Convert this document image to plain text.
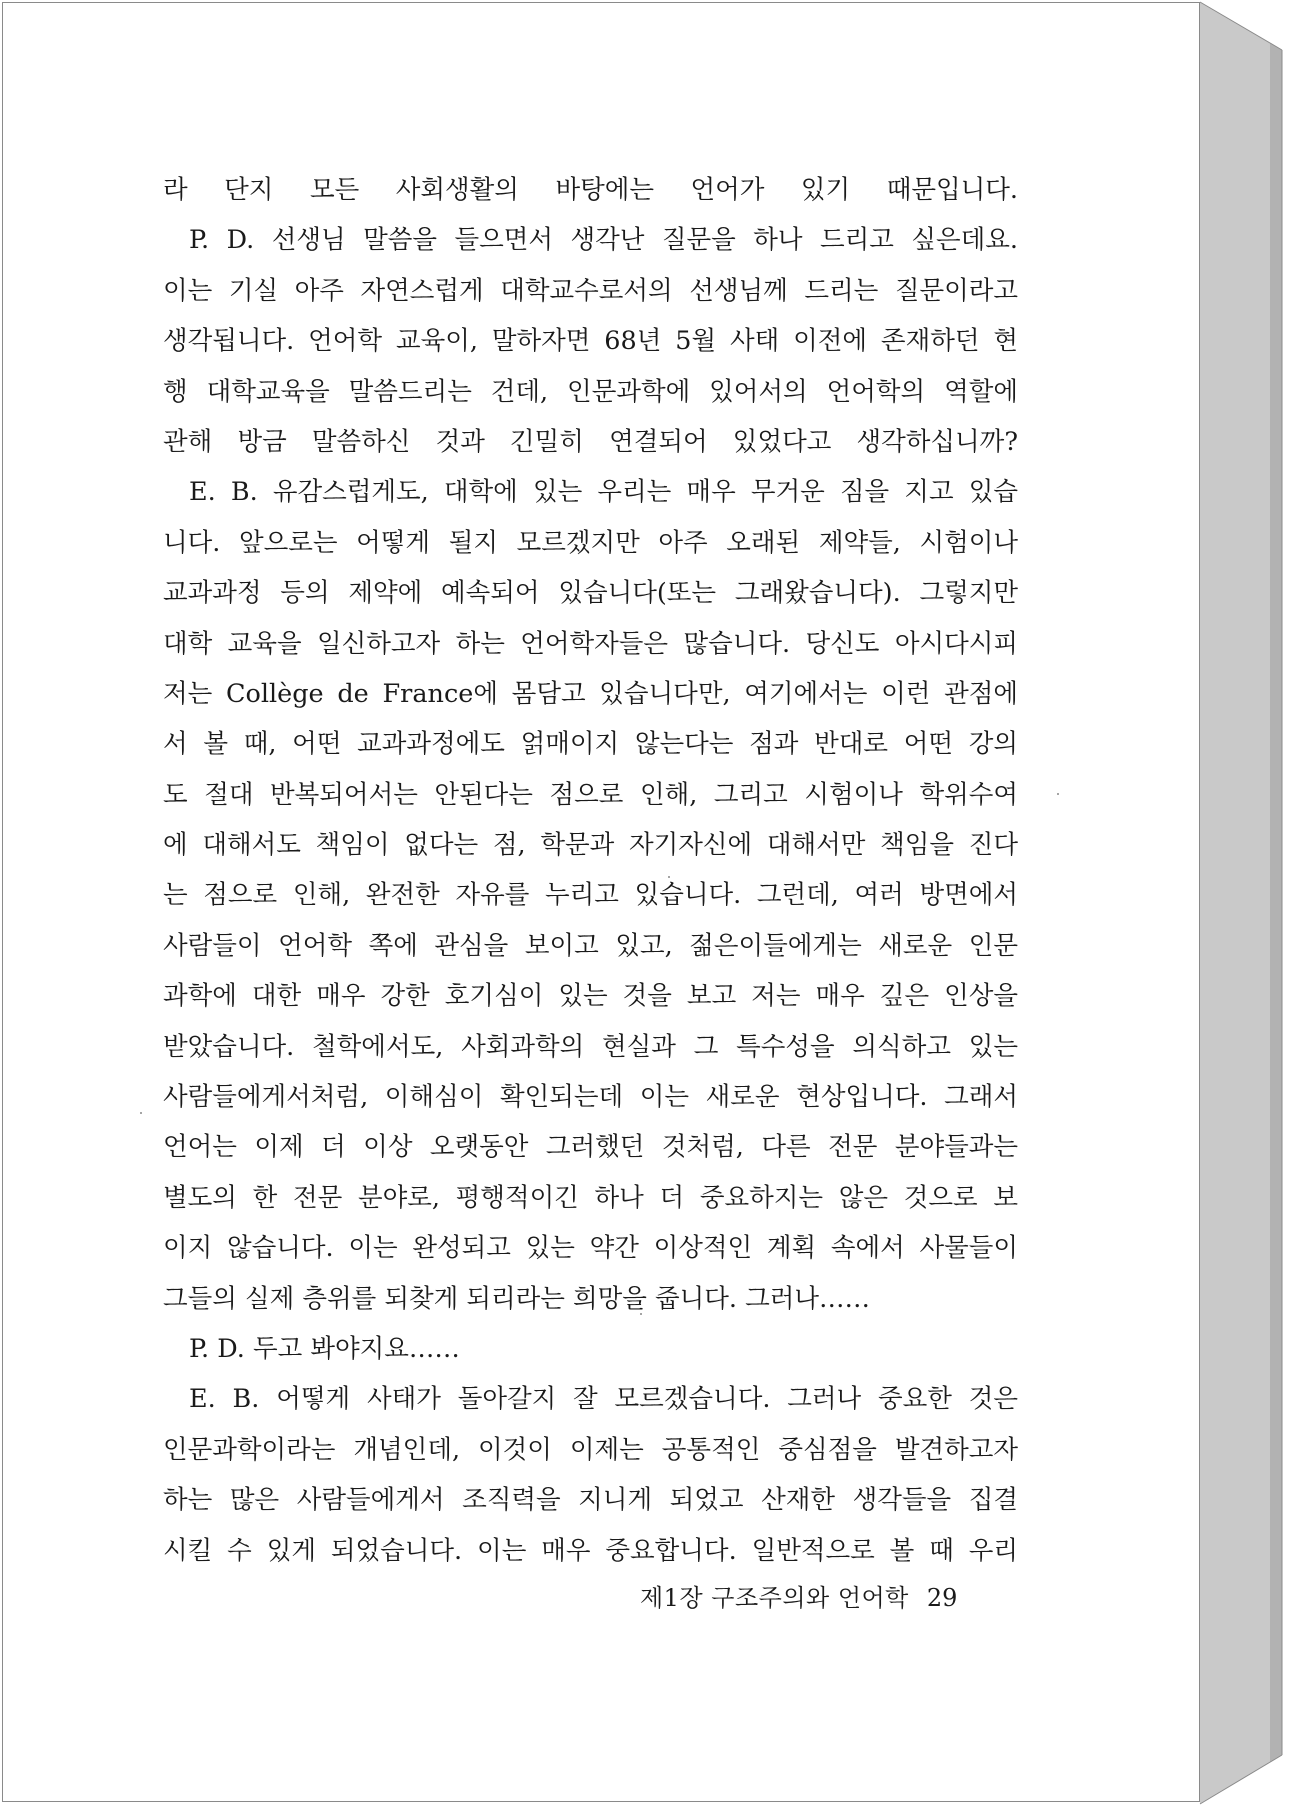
라 단지 모든 사회생활의 바탕에는 언어가 있기 때문입니다.
P. D. 선생님 말씀을 들으면서 생각난 질문을 하나 드리고 싶은데요.
이는 기실 아주 자연스럽게 대학교수로서의 선생님께 드리는 질문이라고
생각됩니다. 언어학 교육이, 말하자면 68년 5월 사태 이전에 존재하던 현
행 대학교육을 말씀드리는 건데, 인문과학에 있어서의 언어학의 역할에
관해 방금 말씀하신 것과 긴밀히 연결되어 있었다고 생각하십니까?
E. B. 유감스럽게도, 대학에 있는 우리는 매우 무거운 짐을 지고 있습
니다. 앞으로는 어떻게 될지 모르겠지만 아주 오래된 제약들, 시험이나
교과과정 등의 제약에 예속되어 있습니다(또는 그래왔습니다). 그렇지만
대학 교육을 일신하고자 하는 언어학자들은 많습니다. 당신도 아시다시피
저는 Collège de France에 몸담고 있습니다만, 여기에서는 이런 관점에
서 볼 때, 어떤 교과과정에도 얽매이지 않는다는 점과 반대로 어떤 강의
도 절대 반복되어서는 안된다는 점으로 인해, 그리고 시험이나 학위수여
에 대해서도 책임이 없다는 점, 학문과 자기자신에 대해서만 책임을 진다
는 점으로 인해, 완전한 자유를 누리고 있습니다. 그런데, 여러 방면에서
사람들이 언어학 쪽에 관심을 보이고 있고, 젊은이들에게는 새로운 인문
과학에 대한 매우 강한 호기심이 있는 것을 보고 저는 매우 깊은 인상을
받았습니다. 철학에서도, 사회과학의 현실과 그 특수성을 의식하고 있는
사람들에게서처럼, 이해심이 확인되는데 이는 새로운 현상입니다. 그래서
언어는 이제 더 이상 오랫동안 그러했던 것처럼, 다른 전문 분야들과는
별도의 한 전문 분야로, 평행적이긴 하나 더 중요하지는 않은 것으로 보
이지 않습니다. 이는 완성되고 있는 약간 이상적인 계획 속에서 사물들이
그들의 실제 층위를 되찾게 되리라는 희망을 줍니다. 그러나……
P. D. 두고 봐야지요……
E. B. 어떻게 사태가 돌아갈지 잘 모르겠습니다. 그러나 중요한 것은
인문과학이라는 개념인데, 이것이 이제는 공통적인 중심점을 발견하고자
하는 많은 사람들에게서 조직력을 지니게 되었고 산재한 생각들을 집결
시킬 수 있게 되었습니다. 이는 매우 중요합니다. 일반적으로 볼 때 우리
제1장 구조주의와 언어학 29
